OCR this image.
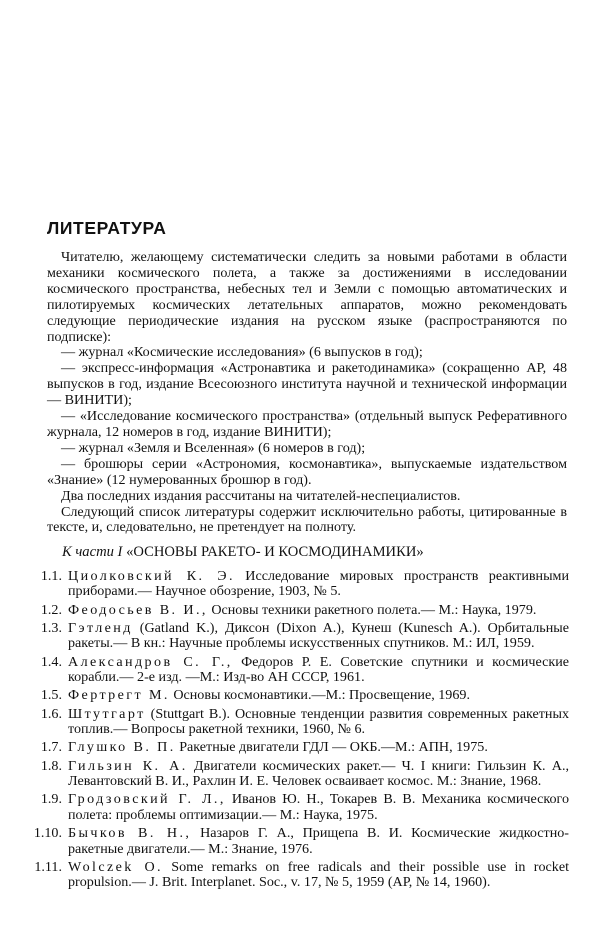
ЛИТЕРАТУРА

Читателю, желающему систематически следить за новыми работами в области механики космического полета, а также за достижениями в исследовании космического пространства, небесных тел и Земли с помощью автоматических и пилотируемых космических летательных аппаратов, можно рекомендовать следующие периодические издания на русском языке (распространяются по подписке):

— журнал «Космические исследования» (6 выпусков в год);

— экспресс-информация «Астронавтика и ракетодинамика» (сокращенно АР, 48 выпусков в год, издание Всесоюзного института научной и технической информации — ВИНИТИ);

— «Исследование космического пространства» (отдельный выпуск Реферативного журнала, 12 номеров в год, издание ВИНИТИ);

— журнал «Земля и Вселенная» (6 номеров в год);

— брошюры серии «Астрономия, космонавтика», выпускаемые издательством «Знание» (12 нумерованных брошюр в год).

Два последних издания рассчитаны на читателей-неспециалистов.

Следующий список литературы содержит исключительно работы, цитированные в тексте, и, следовательно, не претендует на полноту.

К части I «ОСНОВЫ РАКЕТО- И КОСМОДИНАМИКИ»
1.1. Циолковский К. Э. Исследование мировых пространств реактивными приборами.— Научное обозрение, 1903, № 5.
1.2. Феодосьев В. И., Основы техники ракетного полета.— М.: Наука, 1979.
1.3. Гэтленд (Gatland K.), Диксон (Dixon A.), Кунеш (Kunesch A.). Орбитальные ракеты.— В кн.: Научные проблемы искусственных спутников. М.: ИЛ, 1959.
1.4. Александров С. Г., Федоров Р. Е. Советские спутники и космические корабли.— 2-е изд. —М.: Изд-во АН СССР, 1961.
1.5. Фертрегт М. Основы космонавтики.—М.: Просвещение, 1969.
1.6. Штутгарт (Stuttgart B.). Основные тенденции развития современных ракетных топлив.— Вопросы ракетной техники, 1960, № 6.
1.7. Глушко В. П. Ракетные двигатели ГДЛ — ОКБ.—М.: АПН, 1975.
1.8. Гильзин К. А. Двигатели космических ракет.— Ч. I книги: Гильзин К. А., Левантовский В. И., Рахлин И. Е. Человек осваивает космос. М.: Знание, 1968.
1.9. Гродзовский Г. Л., Иванов Ю. Н., Токарев В. В. Механика космического полета: проблемы оптимизации.— М.: Наука, 1975.
1.10. Бычков В. Н., Назаров Г. А., Прищепа В. И. Космические жидкостно-ракетные двигатели.— М.: Знание, 1976.
1.11. Wolczek O. Some remarks on free radicals and their possible use in rocket propulsion.— J. Brit. Interplanet. Soc., v. 17, № 5, 1959 (АР, № 14, 1960).
